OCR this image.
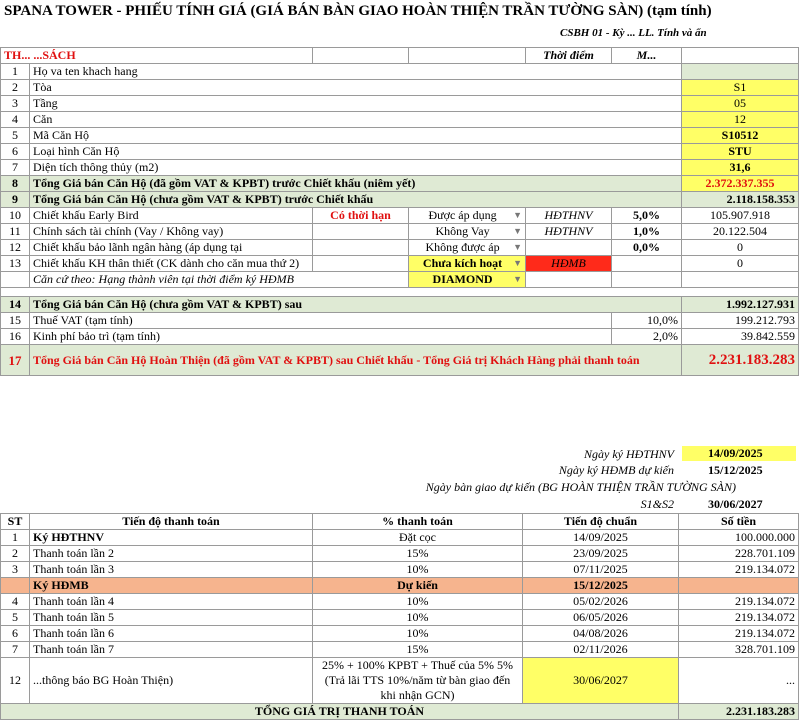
SPANA TOWER - PHIẾU TÍNH GIÁ (GIÁ BÁN BÀN GIAO HOÀN THIỆN TRẦN TƯỜNG SÀN) (tạm tính)
CSBH 01 - Kỳ ... LL. Tính và ẩn
TH... ...SÁCH				Thời điểm	M...	
1	Họ va ten khach hang					
2	Tòa					S1
3	Tầng					05
4	Căn					12
5	Mã Căn Hộ					S10512
6	Loại hình Căn Hộ					STU
7	Diện tích thông thủy (m2)					31,6
8	Tổng Giá bán Căn Hộ (đã gồm VAT & KPBT) trước Chiết khấu (niêm yết)					2.372.337.355
9	Tổng Giá bán Căn Hộ (chưa gồm VAT & KPBT) trước Chiết khấu					2.118.158.353
10	Chiết khấu Early Bird	Có thời hạn	Được áp dụng ▼	HĐTHNV	5,0%	105.907.918
11	Chính sách tài chính (Vay / Không vay)		Không Vay ▼	HĐTHNV	1,0%	20.122.504
12	Chiết khấu bảo lãnh ngân hàng (áp dụng tại		Không được áp ▼		0,0%	0
13	Chiết khấu KH thân thiết (CK dành cho căn mua thứ 2)		Chưa kích hoạt ▼	HĐMB		0
	Căn cứ theo: Hạng thành viên tại thời điểm ký HĐMB		DIAMOND ▼			

14	Tổng Giá bán Căn Hộ (chưa gồm VAT & KPBT) sau					1.992.127.931
15	Thuế VAT (tạm tính)				10,0%	199.212.793
16	Kinh phí bảo trì (tạm tính)				2,0%	39.842.559
17	Tổng Giá bán Căn Hộ Hoàn Thiện (đã gồm VAT & KPBT) sau Chiết khấu - Tổng Giá trị Khách Hàng phải thanh toán					2.231.183.283
Ngày ký HĐTHNV	14/09/2025
Ngày ký HĐMB dự kiến	15/12/2025
Ngày bàn giao dự kiến (BG HOÀN THIỆN TRẦN TƯỜNG SÀN)
S1&S2	30/06/2027
ST	Tiến độ thanh toán	% thanh toán	Tiến độ chuẩn	Số tiền
1	Ký HĐTHNV	Đặt cọc	14/09/2025	100.000.000
2	Thanh toán lần 2	15%	23/09/2025	228.701.109
3	Thanh toán lần 3	10%	07/11/2025	219.134.072
	Ký HĐMB	Dự kiến	15/12/2025	
4	Thanh toán lần 4	10%	05/02/2026	219.134.072
5	Thanh toán lần 5	10%	06/05/2026	219.134.072
6	Thanh toán lần 6	10%	04/08/2026	219.134.072
7	Thanh toán lần 7	15%	02/11/2026	328.701.109
12	...thông báo BG Hoàn Thiện)	25% + 100% KPBT + Thuế của 5% 5% (Trả lãi TTS 10%/năm từ bàn giao đến khi nhận GCN)	30/06/2027	...
TỔNG GIÁ TRỊ THANH TOÁN				2.231.183.283
